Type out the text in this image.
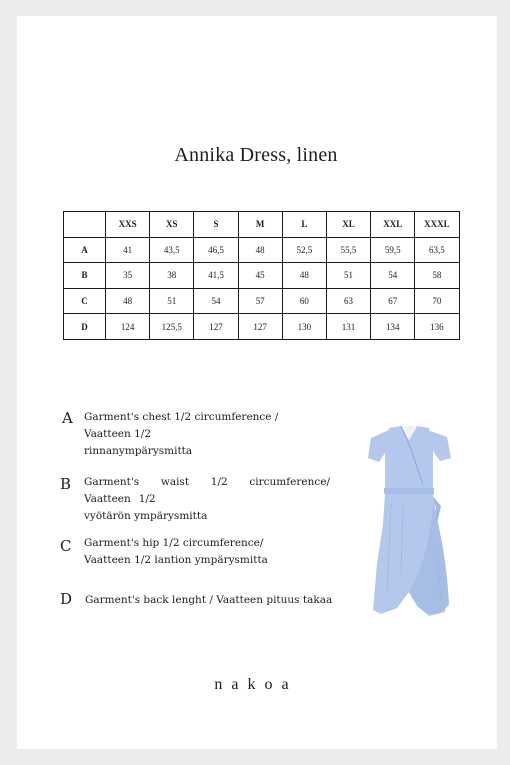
Annika Dress, linen
	XXS	XS	S	M	L	XL	XXL	XXXL
A	41	43,5	46,5	48	52,5	55,5	59,5	63,5
B	35	38	41,5	45	48	51	54	58
C	48	51	54	57	60	63	67	70
D	124	125,5	127	127	130	131	134	136
A Garment's chest 1/2 circumference / Vaatteen 1/2
rinnanympärysmitta
B Garment's waist 1/2 circumference/ Vaatteen 1/2
vyötärön ympärysmitta
C Garment's hip 1/2 circumference/
Vaatteen 1/2 lantion ympärysmitta
D Garment's back lenght / Vaatteen pituus takaa
nakoa
